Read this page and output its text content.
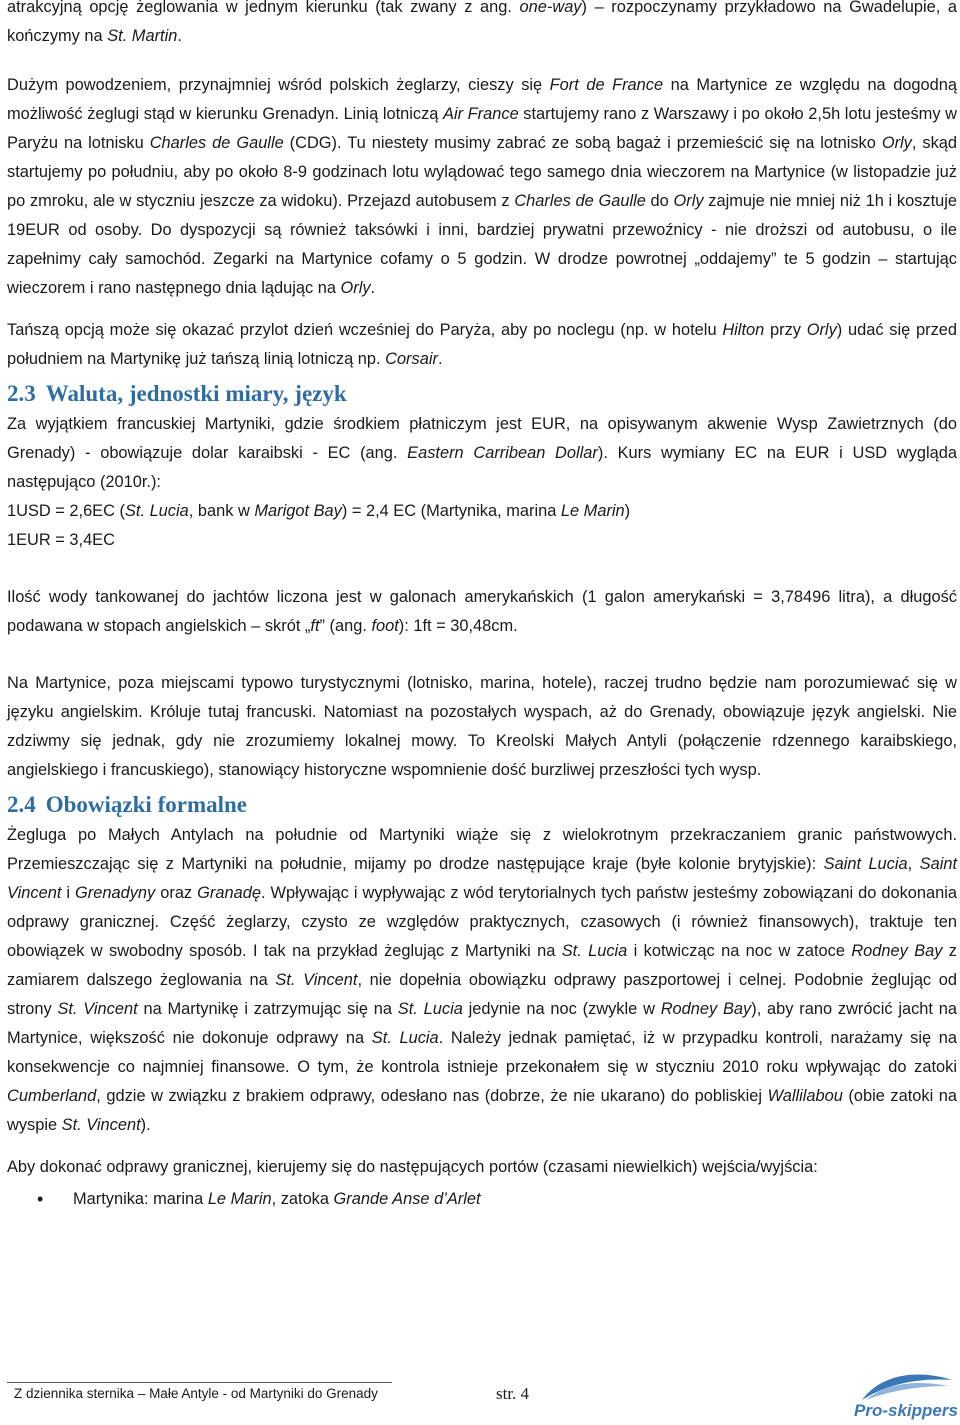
atrakcyjną opcję żeglowania w jednym kierunku (tak zwany z ang. one-way) – rozpoczynamy przykładowo na Gwadelupie, a kończymy na St. Martin.

Dużym powodzeniem, przynajmniej wśród polskich żeglarzy, cieszy się Fort de France na Martynice ze względu na dogodną możliwość żeglugi stąd w kierunku Grenadyn. Linią lotniczą Air France startujemy rano z Warszawy i po około 2,5h lotu jesteśmy w Paryżu na lotnisku Charles de Gaulle (CDG). Tu niestety musimy zabrać ze sobą bagaż i przemieścić się na lotnisko Orly, skąd startujemy po południu, aby po około 8-9 godzinach lotu wylądować tego samego dnia wieczorem na Martynice (w listopadzie już po zmroku, ale w styczniu jeszcze za widoku). Przejazd autobusem z Charles de Gaulle do Orly zajmuje nie mniej niż 1h i kosztuje 19EUR od osoby. Do dyspozycji są również taksówki i inni, bardziej prywatni przewoźnicy - nie droższi od autobusu, o ile zapełnimy cały samochód. Zegarki na Martynice cofamy o 5 godzin. W drodze powrotnej „oddajemy” te 5 godzin – startując wieczorem i rano następnego dnia lądując na Orly.

Tańszą opcją może się okazać przylot dzień wcześniej do Paryża, aby po noclegu (np. w hotelu Hilton przy Orly) udać się przed południem na Martynikę już tańszą linią lotniczą np. Corsair.

2.3 Waluta, jednostki miary, język

Za wyjątkiem francuskiej Martyniki, gdzie środkiem płatniczym jest EUR, na opisywanym akwenie Wysp Zawietrznych (do Grenady) - obowiązuje dolar karaibski - EC (ang. Eastern Carribean Dollar). Kurs wymiany EC na EUR i USD wygląda następująco (2010r.):

1USD = 2,6EC (St. Lucia, bank w Marigot Bay) = 2,4 EC (Martynika, marina Le Marin)

1EUR = 3,4EC

Ilość wody tankowanej do jachtów liczona jest w galonach amerykańskich (1 galon amerykański = 3,78496 litra), a długość podawana w stopach angielskich – skrót „ft” (ang. foot): 1ft = 30,48cm.

Na Martynice, poza miejscami typowo turystycznymi (lotnisko, marina, hotele), raczej trudno będzie nam porozumiewać się w języku angielskim. Króluje tutaj francuski. Natomiast na pozostałych wyspach, aż do Grenady, obowiązuje język angielski. Nie zdziwmy się jednak, gdy nie zrozumiemy lokalnej mowy. To Kreolski Małych Antyli (połączenie rdzennego karaibskiego, angielskiego i francuskiego), stanowiący historyczne wspomnienie dość burzliwej przeszłości tych wysp.

2.4 Obowiązki formalne

Żegluga po Małych Antylach na południe od Martyniki wiąże się z wielokrotnym przekraczaniem granic państwowych. Przemieszczając się z Martyniki na południe, mijamy po drodze następujące kraje (byłe kolonie brytyjskie): Saint Lucia, Saint Vincent i Grenadyny oraz Granadę. Wpływając i wypływając z wód terytorialnych tych państw jesteśmy zobowiązani do dokonania odprawy granicznej. Część żeglarzy, czysto ze względów praktycznych, czasowych (i również finansowych), traktuje ten obowiązek w swobodny sposób. I tak na przykład żeglując z Martyniki na St. Lucia i kotwicząc na noc w zatoce Rodney Bay z zamiarem dalszego żeglowania na St. Vincent, nie dopełnia obowiązku odprawy paszportowej i celnej. Podobnie żeglując od strony St. Vincent na Martynikę i zatrzymując się na St. Lucia jedynie na noc (zwykle w Rodney Bay), aby rano zwrócić jacht na Martynice, większość nie dokonuje odprawy na St. Lucia. Należy jednak pamiętać, iż w przypadku kontroli, narażamy się na konsekwencje co najmniej finansowe. O tym, że kontrola istnieje przekonałem się w styczniu 2010 roku wpływając do zatoki Cumberland, gdzie w związku z brakiem odprawy, odesłano nas (dobrze, że nie ukarano) do pobliskiej Wallilabou (obie zatoki na wyspie St. Vincent).

Aby dokonać odprawy granicznej, kierujemy się do następujących portów (czasami niewielkich) wejścia/wyjścia:

• Martynika: marina Le Marin, zatoka Grande Anse d’Arlet

Z dziennika sternika – Małe Antyle - od Martyniki do Grenady	str. 4
Pro-skippers
